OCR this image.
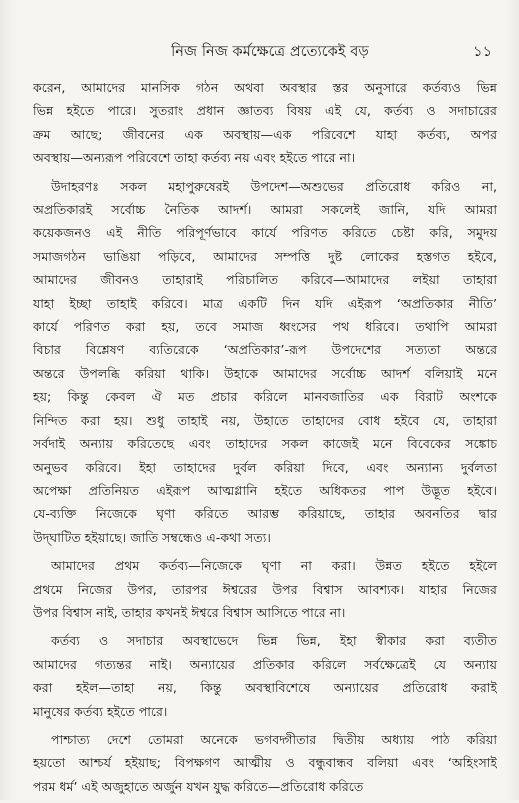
নিজ নিজ কর্মক্ষেত্রে প্রত্যেকেই বড়	১১
করেন, আমাদের মানসিক গঠন অথবা অবস্থার স্তর অনুসারে কর্তব্যও ভিন্ন
ভিন্ন হইতে পারে। সুতরাং প্রধান জ্ঞাতব্য বিষয় এই যে, কর্তব্য ও সদাচারের
ক্রম আছে; জীবনের এক অবস্থায়—এক পরিবেশে যাহা কর্তব্য, অপর
অবস্থায়—অন্যরূপ পরিবেশে তাহা কর্তব্য নয় এবং হইতে পারে না।
উদাহরণঃ সকল মহাপুরুষেরই উপদেশ—অশুভের প্রতিরোধ করিও না,
অপ্রতিকারই সর্বোচ্চ নৈতিক আদর্শ। আমরা সকলেই জানি, যদি আমরা
কয়েকজনও এই নীতি পরিপূর্ণভাবে কার্যে পরিণত করিতে চেষ্টা করি, সমুদয়
সমাজগঠন ভাঙিয়া পড়িবে, আমাদের সম্পত্তি দুষ্ট লোকের হস্তগত হইবে,
আমাদের জীবনও তাহারাই পরিচালিত করিবে—আমাদের লইয়া তাহারা
যাহা ইচ্ছা তাহাই করিবে। মাত্র একটি দিন যদি এইরূপ ‘অপ্রতিকার নীতি’
কার্যে পরিণত করা হয়, তবে সমাজ ধ্বংসের পথ ধরিবে। তথাপি আমরা
বিচার বিশ্লেষণ ব্যতিরেকে ‘অপ্রতিকার’-রূপ উপদেশের সত্যতা অন্তরে
অন্তরে উপলব্ধি করিয়া থাকি। উহাকে আমাদের সর্বোচ্চ আদর্শ বলিয়াই মনে
হয়; কিন্তু কেবল ঐ মত প্রচার করিলে মানবজাতির এক বিরাট অংশকে
নিন্দিত করা হয়। শুধু তাহাই নয়, উহাতে তাহাদের বোধ হইবে যে, তাহারা
সর্বদাই অন্যায় করিতেছে এবং তাহাদের সকল কাজেই মনে বিবেকের সঙ্কোচ
অনুভব করিবে। ইহা তাহাদের দুর্বল করিয়া দিবে, এবং অন্যান্য দুর্বলতা
অপেক্ষা প্রতিনিয়ত এইরূপ আত্মগ্লানি হইতে অধিকতর পাপ উদ্ভূত হইবে।
যে-ব্যক্তি নিজেকে ঘৃণা করিতে আরম্ভ করিয়াছে, তাহার অবনতির দ্বার
উদ্‌ঘাটিত হইয়াছে। জাতি সম্বন্ধেও এ-কথা সত্য।
আমাদের প্রথম কর্তব্য—নিজেকে ঘৃণা না করা। উন্নত হইতে হইলে
প্রথমে নিজের উপর, তারপর ঈশ্বরের উপর বিশ্বাস আবশ্যক। যাহার নিজের
উপর বিশ্বাস নাই, তাহার কখনই ঈশ্বরে বিশ্বাস আসিতে পারে না।
কর্তব্য ও সদাচার অবস্থাভেদে ভিন্ন ভিন্ন, ইহা স্বীকার করা ব্যতীত
আমাদের গত্যন্তর নাই। অন্যায়ের প্রতিকার করিলে সর্বক্ষেত্রেই যে অন্যায়
করা হইল—তাহা নয়, কিন্তু অবস্থাবিশেষে অন্যায়ের প্রতিরোধ করাই
মানুষের কর্তব্য হইতে পারে।
পাশ্চাত্য দেশে তোমরা অনেকে ভগবদ্গীতার দ্বিতীয় অধ্যায় পাঠ করিয়া
হয়তো আশ্চর্য হইয়াছ; বিপক্ষগণ আত্মীয় ও বন্ধুবান্ধব বলিয়া এবং ‘অহিংসাই
পরম ধর্ম’ এই অজুহাতে অর্জুন যখন যুদ্ধ করিতে—প্রতিরোধ করিতে
